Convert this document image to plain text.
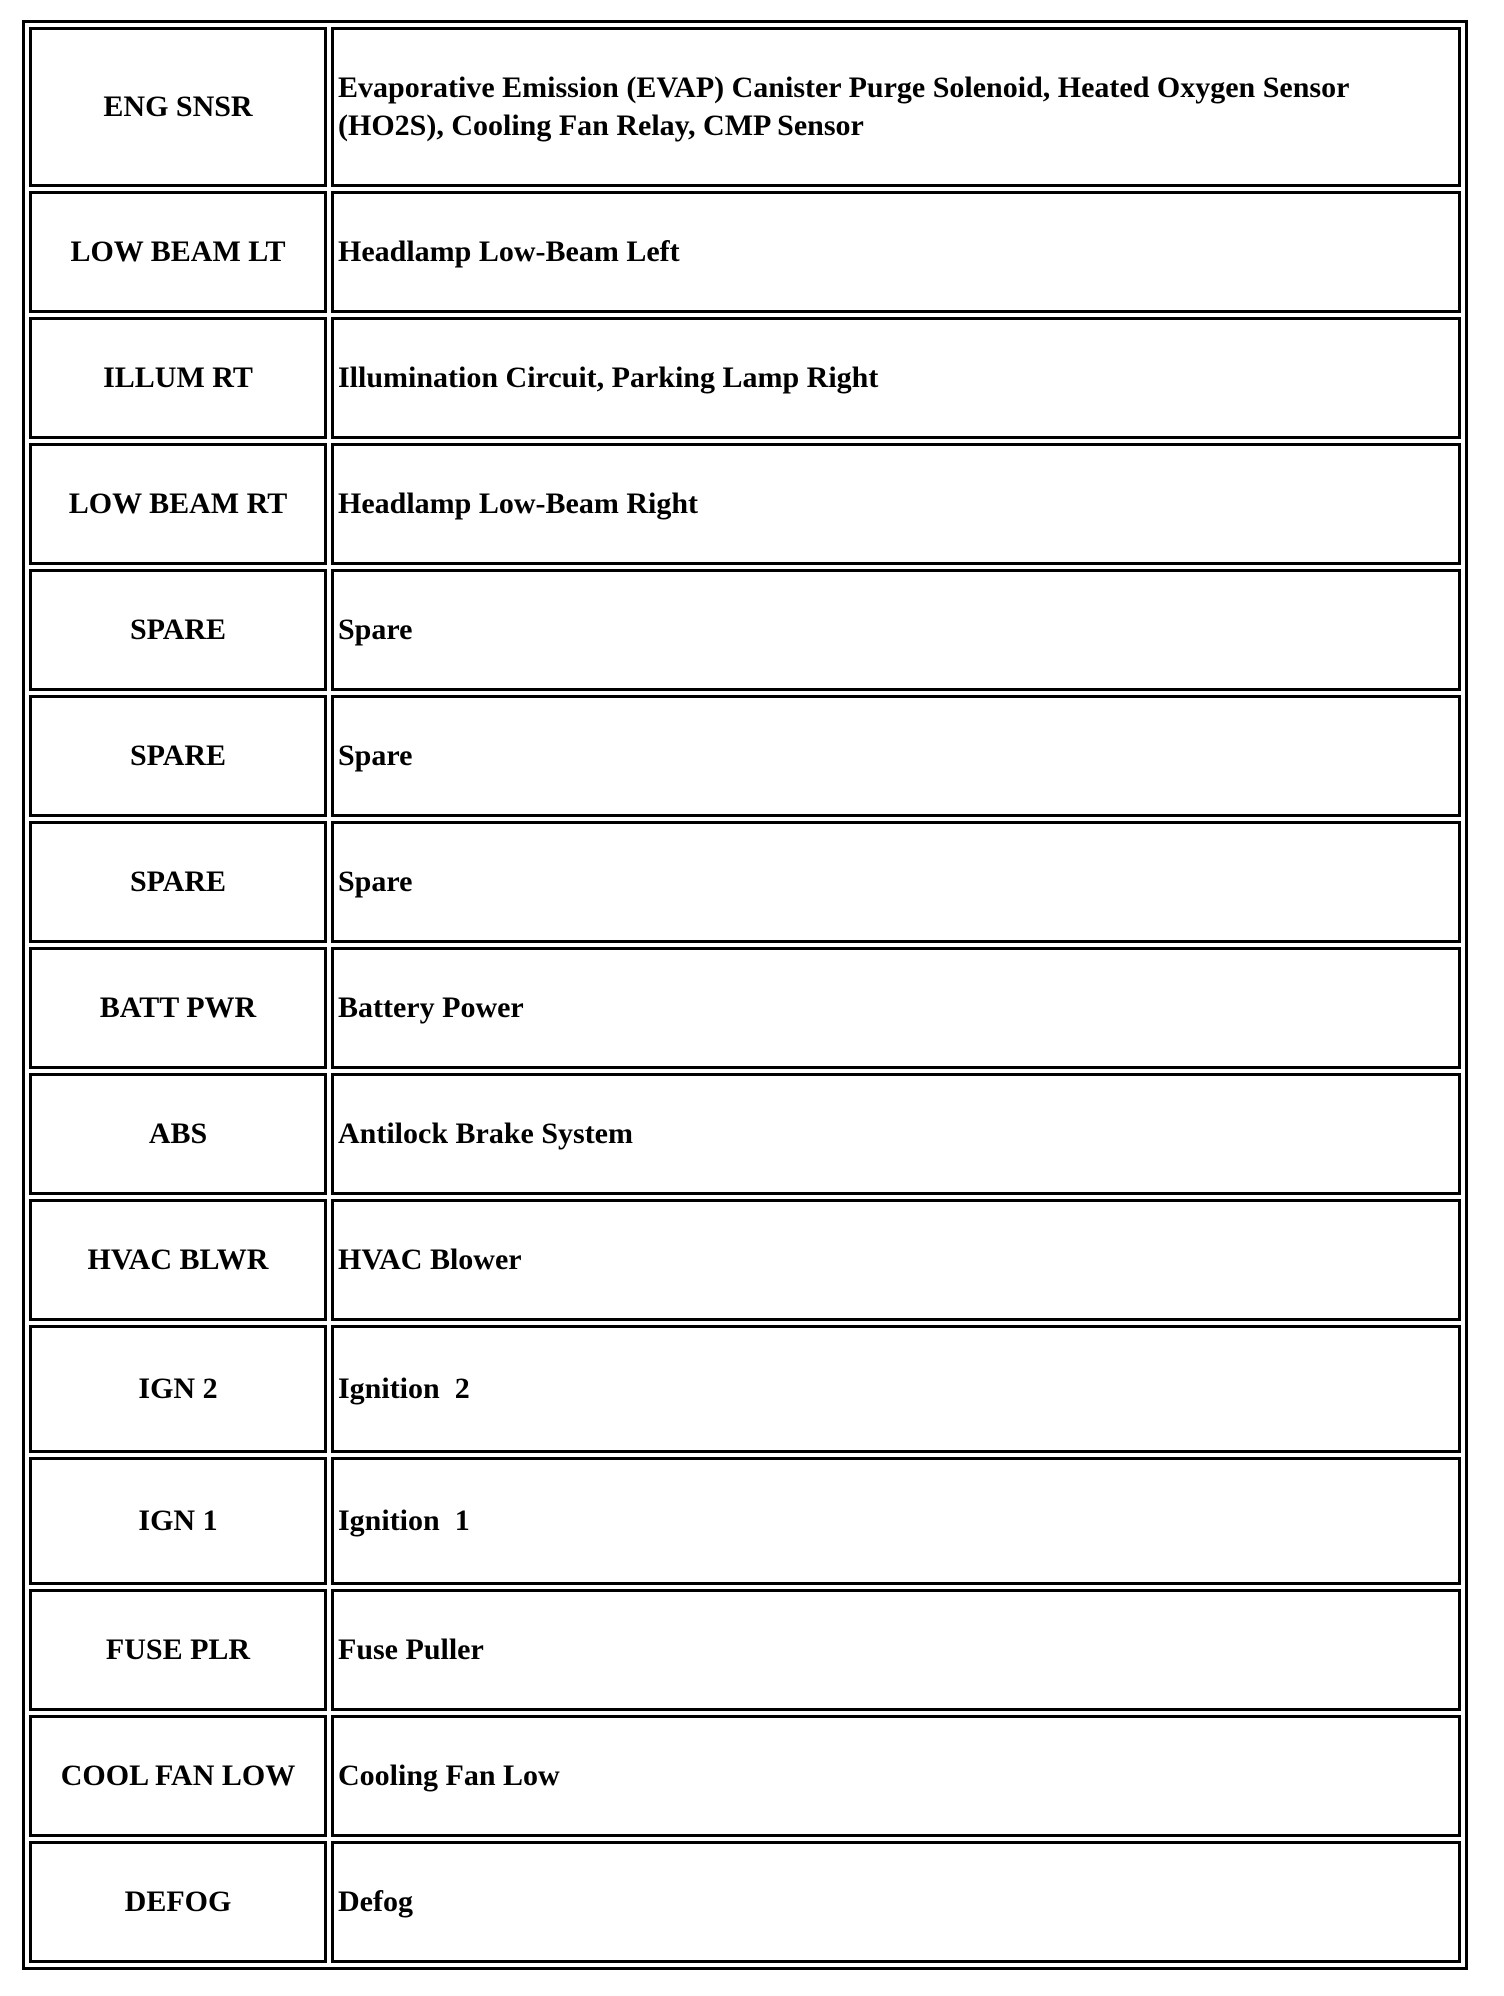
ENG SNSR	Evaporative Emission (EVAP) Canister Purge Solenoid, Heated Oxygen Sensor (HO2S), Cooling Fan Relay, CMP Sensor
LOW BEAM LT	Headlamp Low-Beam Left
ILLUM RT	Illumination Circuit, Parking Lamp Right
LOW BEAM RT	Headlamp Low-Beam Right
SPARE	Spare
SPARE	Spare
SPARE	Spare
BATT PWR	Battery Power
ABS	Antilock Brake System
HVAC BLWR	HVAC Blower
IGN 2	Ignition  2
IGN 1	Ignition  1
FUSE PLR	Fuse Puller
COOL FAN LOW	Cooling Fan Low
DEFOG	Defog
